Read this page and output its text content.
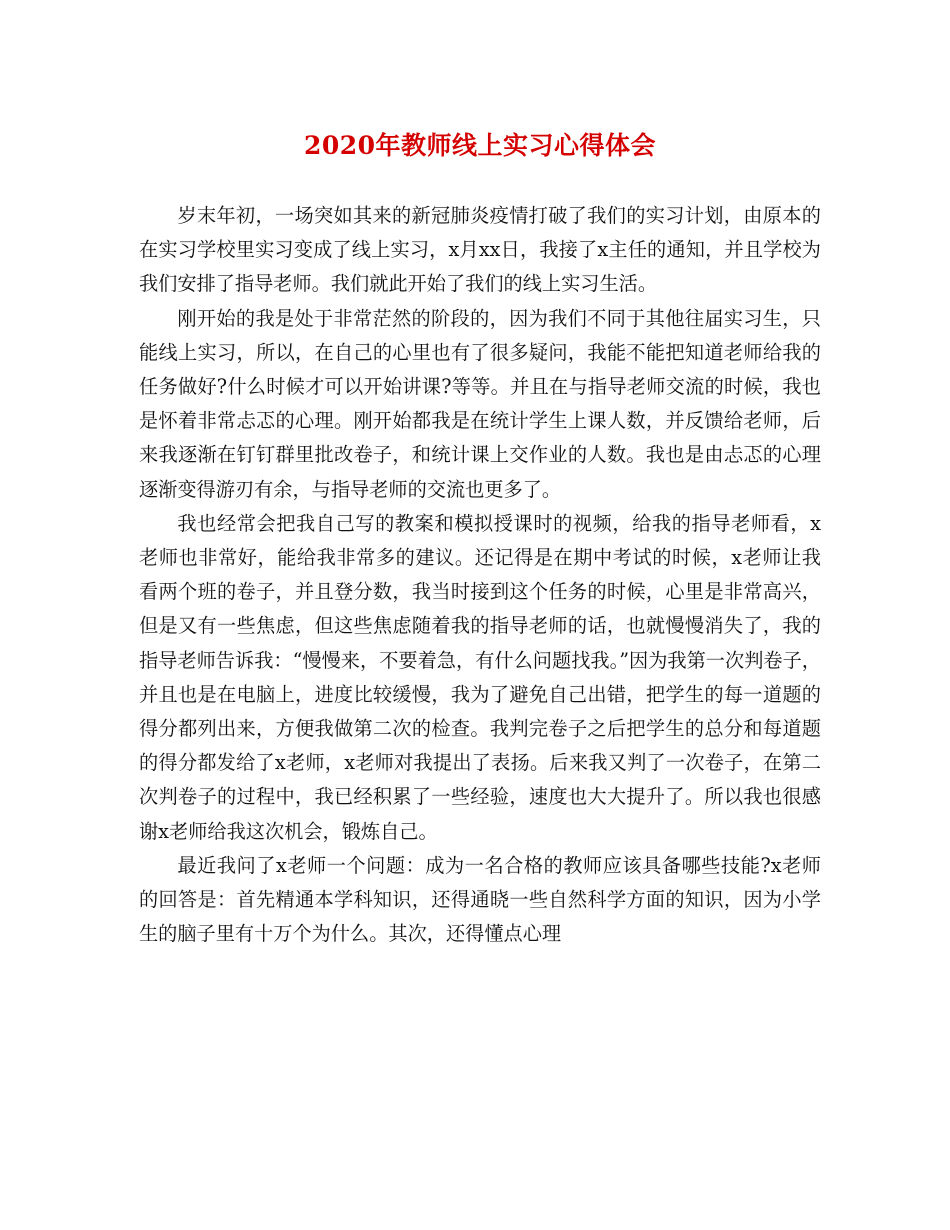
2020年教师线上实习心得体会

岁末年初，一场突如其来的新冠肺炎疫情打破了我们的实习计划，由原本的在实习学校里实习变成了线上实习，x月xx日，我接了x主任的通知，并且学校为我们安排了指导老师。我们就此开始了我们的线上实习生活。

刚开始的我是处于非常茫然的阶段的，因为我们不同于其他往届实习生，只能线上实习，所以，在自己的心里也有了很多疑问，我能不能把知道老师给我的任务做好?什么时候才可以开始讲课?等等。并且在与指导老师交流的时候，我也是怀着非常忐忑的心理。刚开始都我是在统计学生上课人数，并反馈给老师，后来我逐渐在钉钉群里批改卷子，和统计课上交作业的人数。我也是由忐忑的心理逐渐变得游刃有余，与指导老师的交流也更多了。

我也经常会把我自己写的教案和模拟授课时的视频，给我的指导老师看，x老师也非常好，能给我非常多的建议。还记得是在期中考试的时候，x老师让我看两个班的卷子，并且登分数，我当时接到这个任务的时候，心里是非常高兴，但是又有一些焦虑，但这些焦虑随着我的指导老师的话，也就慢慢消失了，我的指导老师告诉我：“慢慢来，不要着急，有什么问题找我。”因为我第一次判卷子，并且也是在电脑上，进度比较缓慢，我为了避免自己出错，把学生的每一道题的得分都列出来，方便我做第二次的检查。我判完卷子之后把学生的总分和每道题的得分都发给了x老师，x老师对我提出了表扬。后来我又判了一次卷子，在第二次判卷子的过程中，我已经积累了一些经验，速度也大大提升了。所以我也很感谢x老师给我这次机会，锻炼自己。

最近我问了x老师一个问题：成为一名合格的教师应该具备哪些技能?x老师的回答是：首先精通本学科知识，还得通晓一些自然科学方面的知识，因为小学生的脑子里有十万个为什么。其次，还得懂点心理
